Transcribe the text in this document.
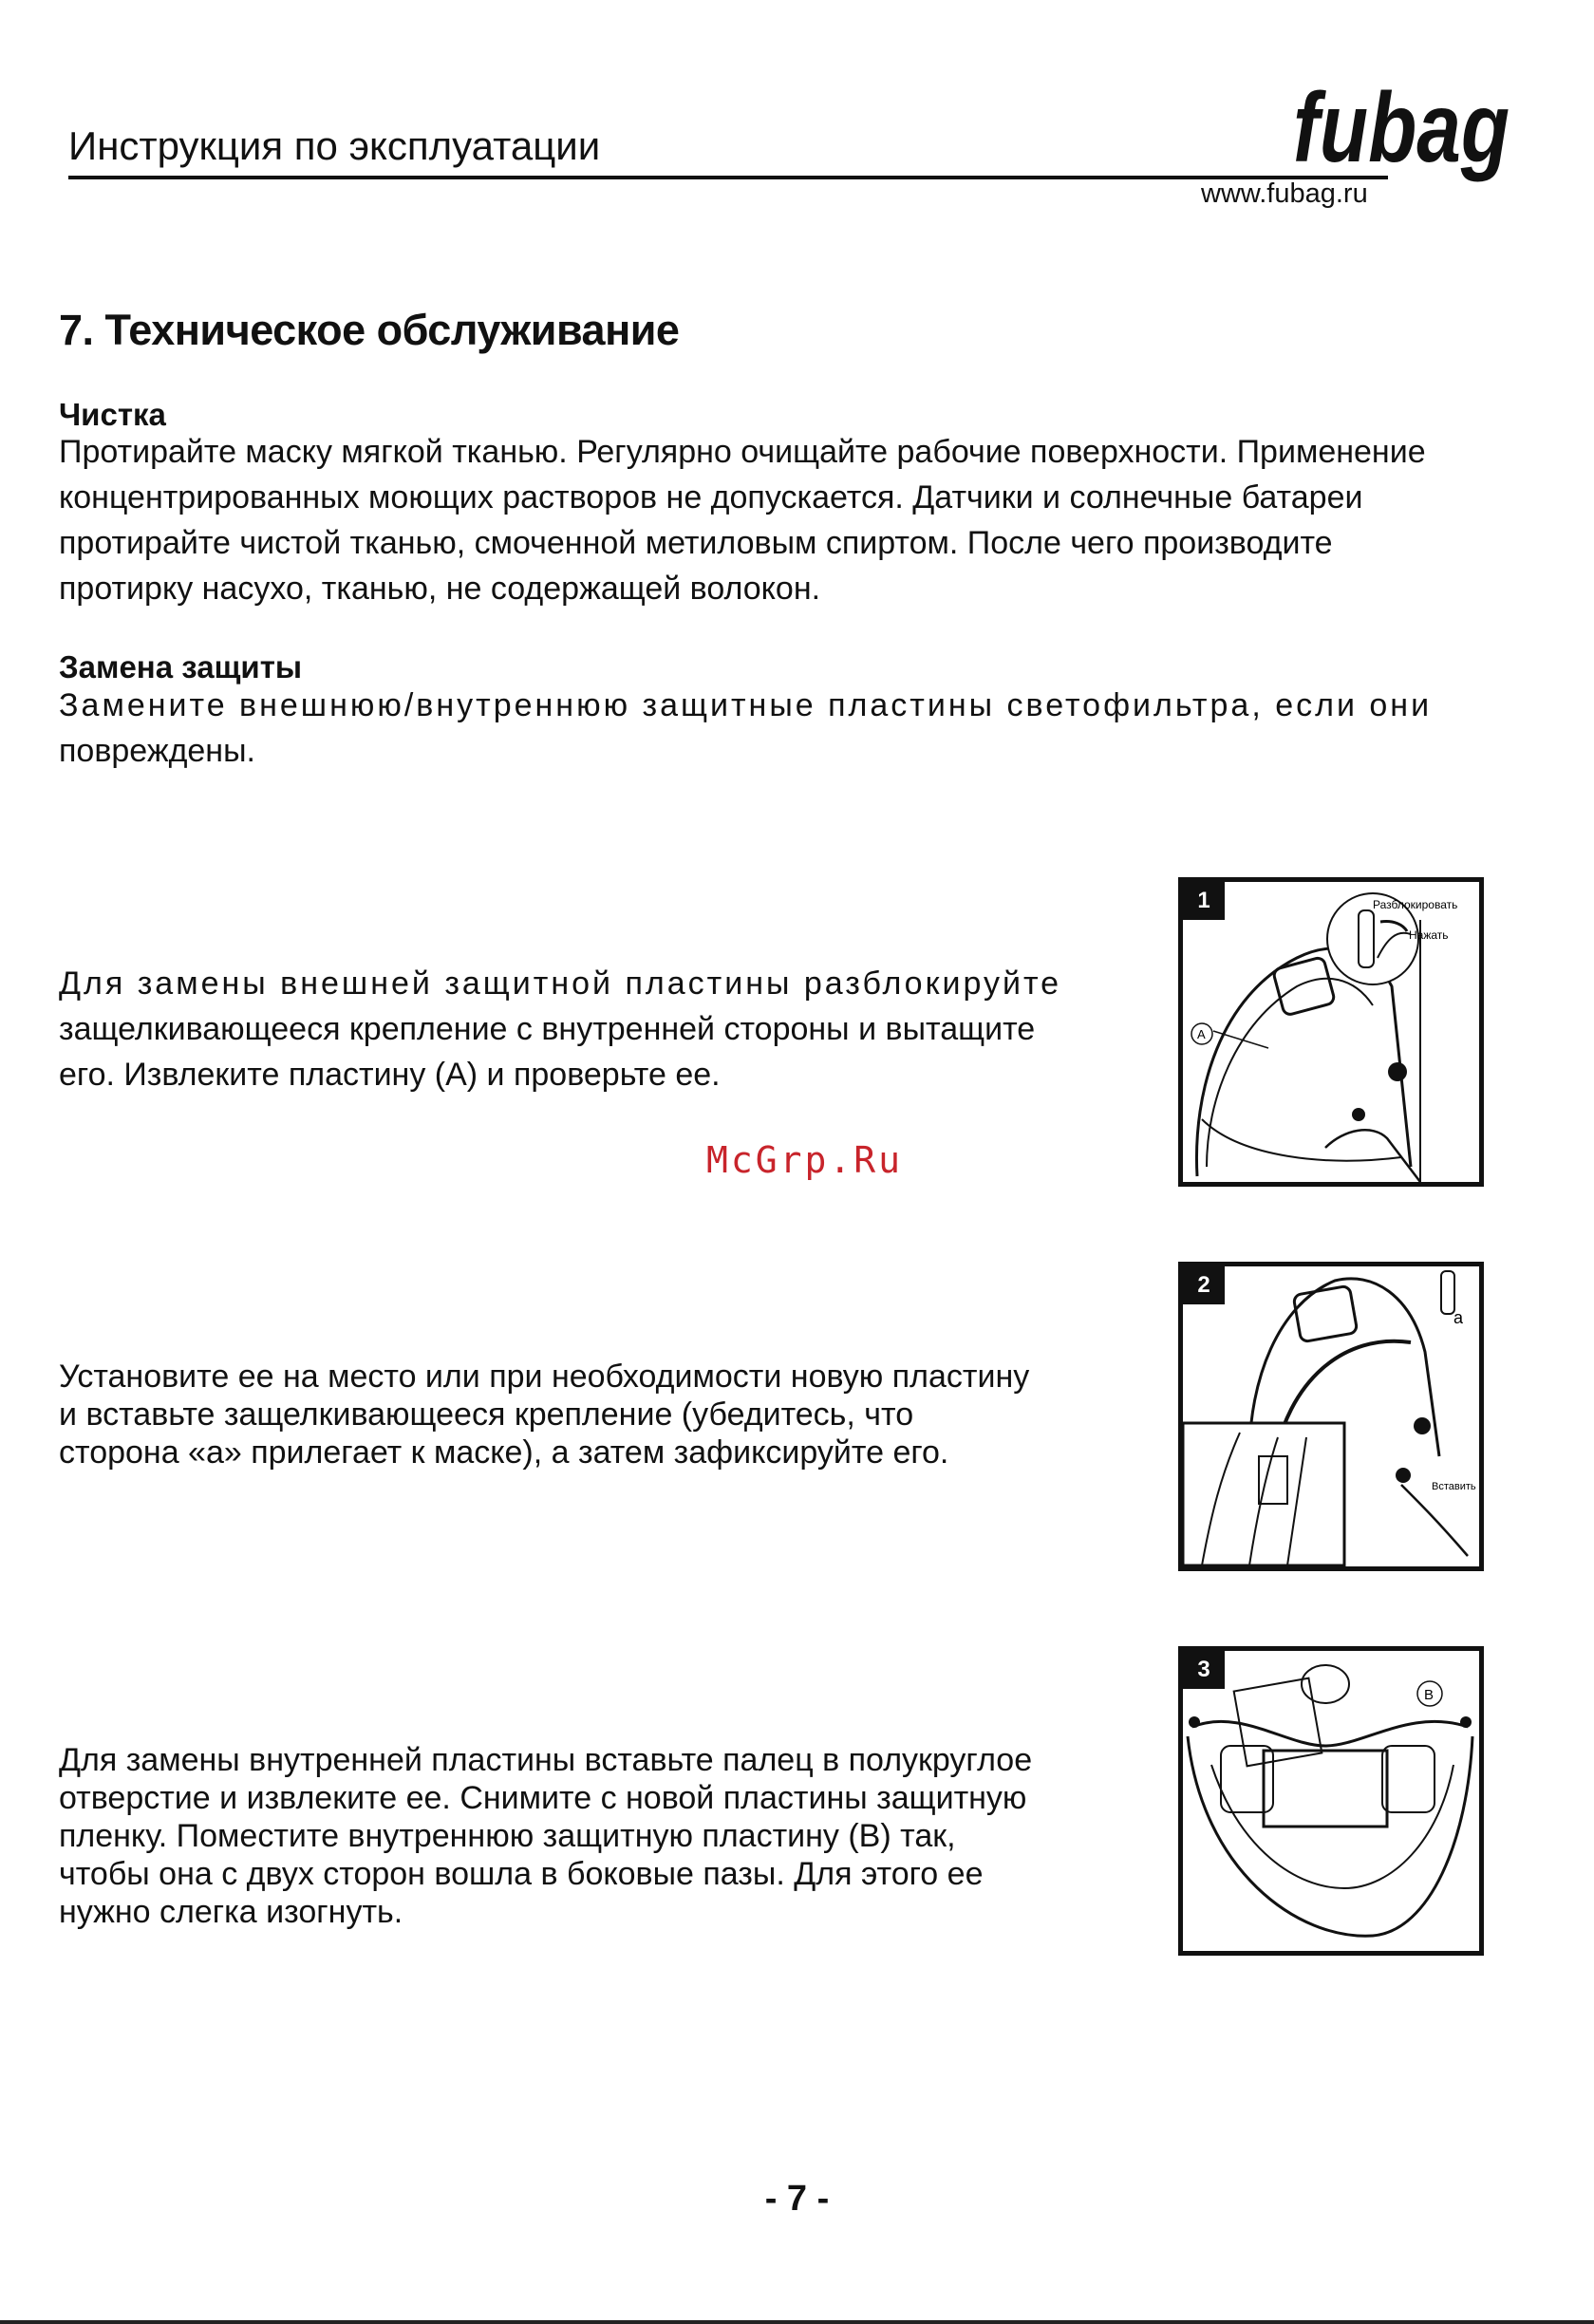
Инструкция по эксплуатации	fubag
www.fubag.ru
7. Техническое обслуживание
Чистка
Протирайте маску мягкой тканью. Регулярно очищайте рабочие поверхности. Применение
концентрированных моющих растворов не допускается. Датчики и солнечные батареи
протирайте чистой тканью, смоченной метиловым спиртом. После чего производите
протирку насухо, тканью, не содержащей волокон.
Замена защиты
Замените внешнюю/внутреннюю защитные пластины светофильтра, если они
повреждены.
Для замены внешней защитной пластины разблокируйте
защелкивающееся крепление с внутренней стороны и вытащите
его. Извлеките пластину (А) и проверьте ее.
1
A
Разблокировать
Нажать
Установите ее на место или при необходимости новую пластину
и вставьте защелкивающееся крепление (убедитесь, что
сторона «а» прилегает к маске), а затем зафиксируйте его.
2
а
Вставить
Для замены внутренней пластины вставьте палец в полукруглое
отверстие и извлеките ее. Снимите с новой пластины защитную
пленку. Поместите внутреннюю защитную пластину (B) так,
чтобы она с двух сторон вошла в боковые пазы. Для этого ее
нужно слегка изогнуть.
3
B
McGrp.Ru
- 7 -
